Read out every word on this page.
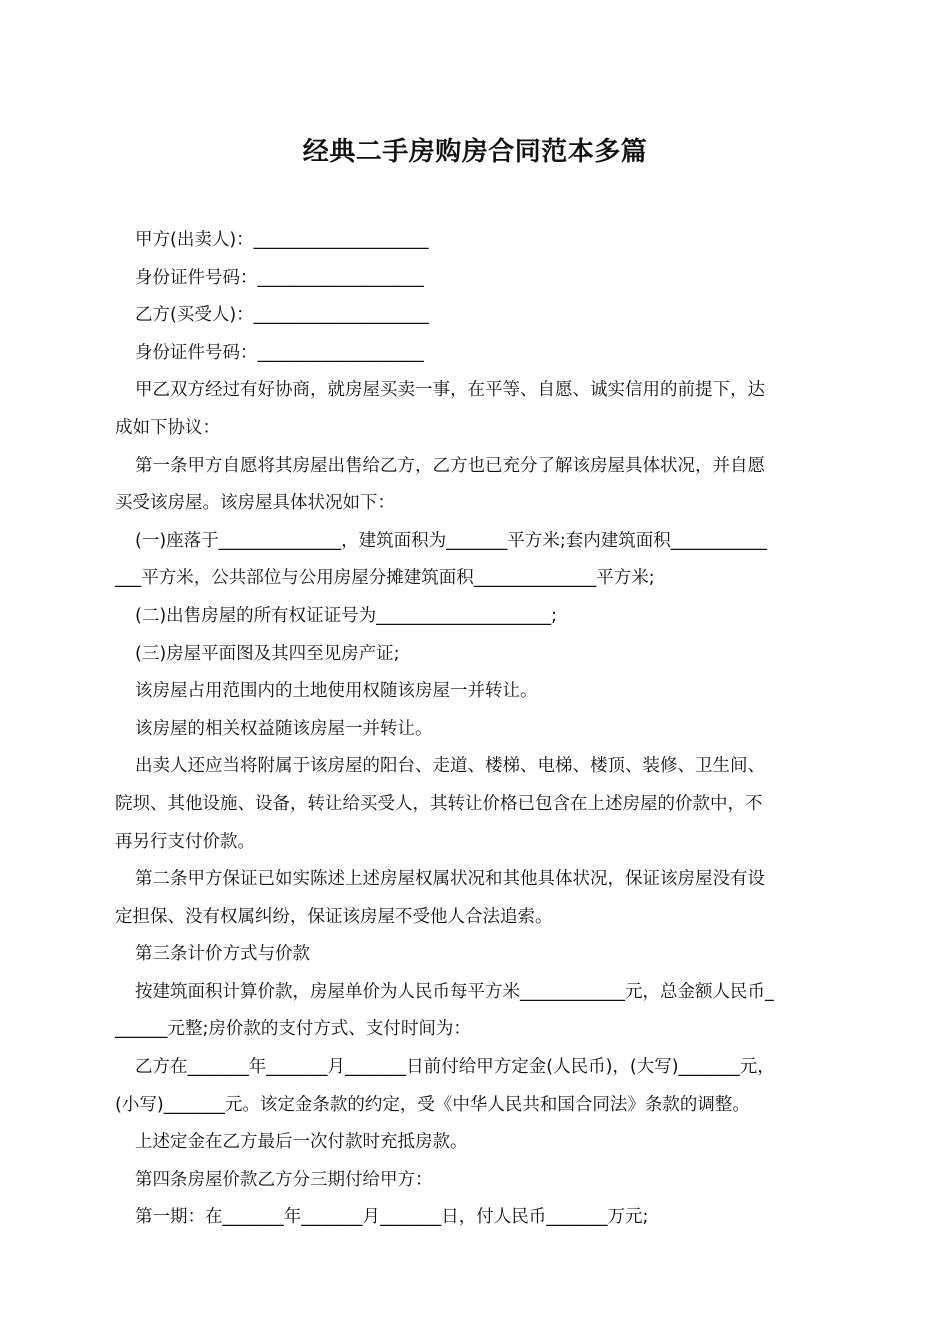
经典二手房购房合同范本多篇
甲方(出卖人)：____________________
身份证件号码：___________________
乙方(买受人)：____________________
身份证件号码：___________________
甲乙双方经过有好协商，就房屋买卖一事，在平等、自愿、诚实信用的前提下，达
成如下协议：
第一条甲方自愿将其房屋出售给乙方，乙方也已充分了解该房屋具体状况，并自愿
买受该房屋。该房屋具体状况如下：
(一)座落于______________，建筑面积为_______平方米;套内建筑面积___________
___平方米，公共部位与公用房屋分摊建筑面积______________平方米;
(二)出售房屋的所有权证证号为____________________;
(三)房屋平面图及其四至见房产证;
该房屋占用范围内的土地使用权随该房屋一并转让。
该房屋的相关权益随该房屋一并转让。
出卖人还应当将附属于该房屋的阳台、走道、楼梯、电梯、楼顶、装修、卫生间、
院坝、其他设施、设备，转让给买受人，其转让价格已包含在上述房屋的价款中，不
再另行支付价款。
第二条甲方保证已如实陈述上述房屋权属状况和其他具体状况，保证该房屋没有设
定担保、没有权属纠纷，保证该房屋不受他人合法追索。
第三条计价方式与价款
按建筑面积计算价款，房屋单价为人民币每平方米____________元，总金额人民币_
______元整;房价款的支付方式、支付时间为：
乙方在_______年_______月_______日前付给甲方定金(人民币)，(大写)_______元，
(小写)_______元。该定金条款的约定，受《中华人民共和国合同法》条款的调整。
上述定金在乙方最后一次付款时充抵房款。
第四条房屋价款乙方分三期付给甲方：
第一期：在_______年_______月_______日，付人民币_______万元;
